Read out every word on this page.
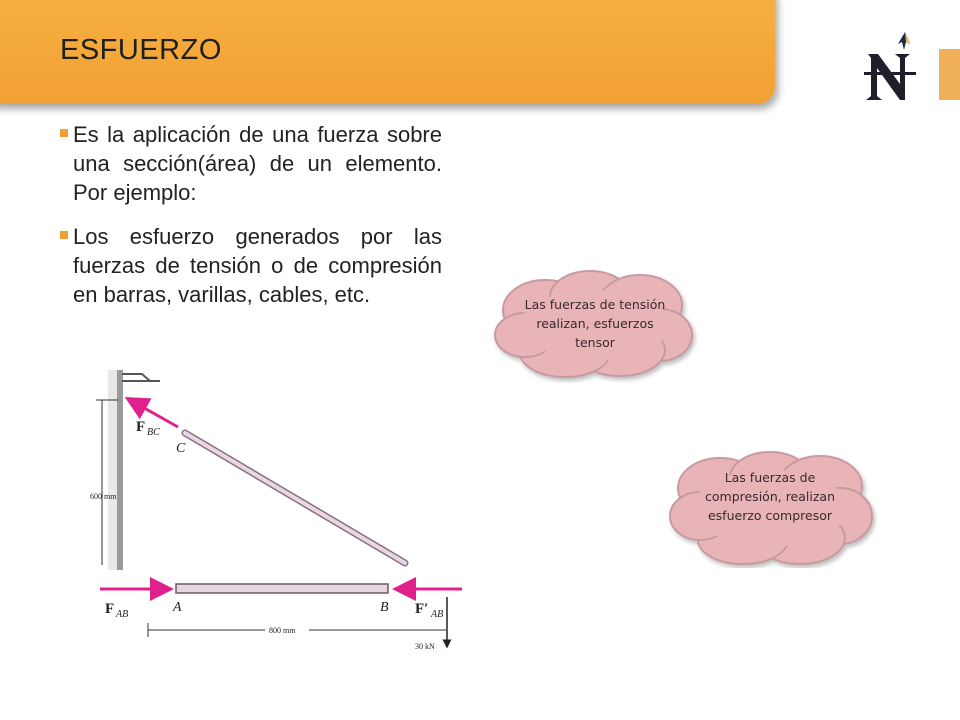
ESFUERZO
Es la aplicación de una fuerza sobre una sección(área) de un elemento. Por ejemplo:
Los esfuerzo generados por las fuerzas de tensión o de compresión en barras, varillas, cables, etc.
600 mm
F BC
C
F AB	A	B F′ AB
800 mm
30 kN
Las fuerzas de tensión realizan, esfuerzos tensor
Las fuerzas de compresión, realizan esfuerzo compresor
